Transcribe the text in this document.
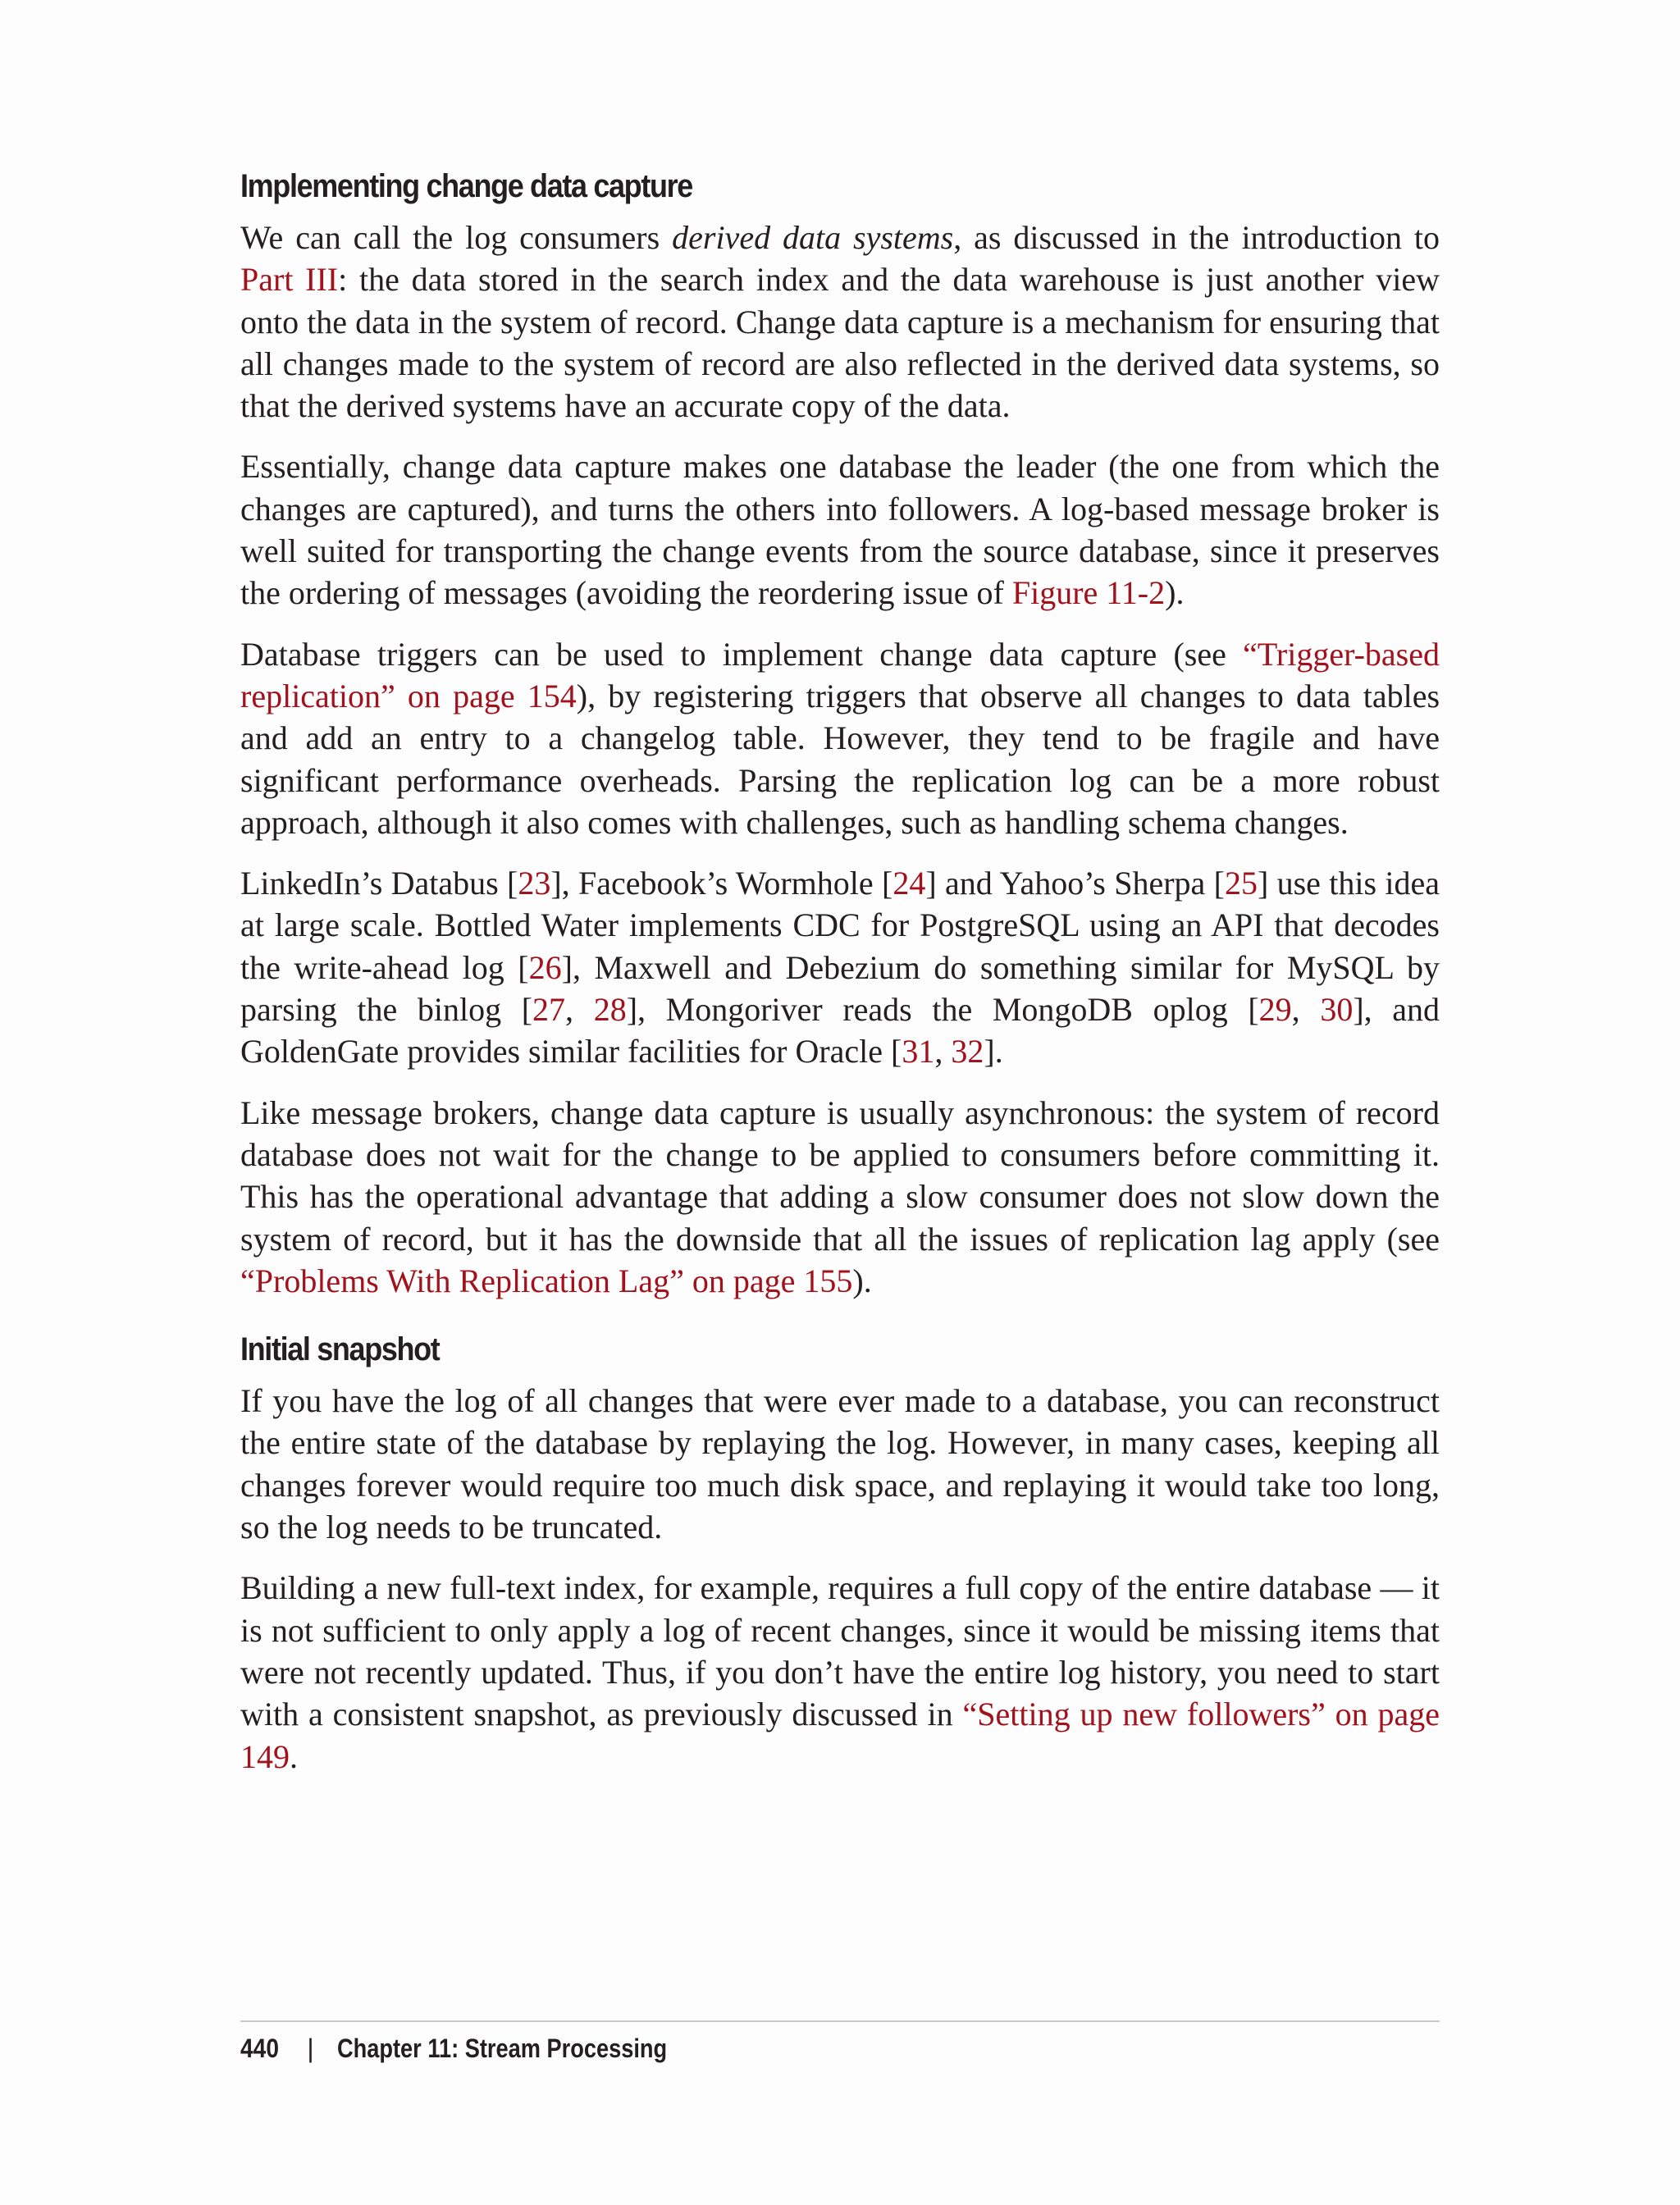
Implementing change data capture

We can call the log consumers derived data systems, as discussed in the introduction to Part III: the data stored in the search index and the data warehouse is just another view onto the data in the system of record. Change data capture is a mechanism for ensuring that all changes made to the system of record are also reflected in the derived data systems, so that the derived systems have an accurate copy of the data.

Essentially, change data capture makes one database the leader (the one from which the changes are captured), and turns the others into followers. A log-based message broker is well suited for transporting the change events from the source database, since it preserves the ordering of messages (avoiding the reordering issue of Figure 11-2).

Database triggers can be used to implement change data capture (see “Trigger-based replication” on page 154), by registering triggers that observe all changes to data tables and add an entry to a changelog table. However, they tend to be fragile and have significant performance overheads. Parsing the replication log can be a more robust approach, although it also comes with challenges, such as handling schema changes.

LinkedIn’s Databus [23], Facebook’s Wormhole [24] and Yahoo’s Sherpa [25] use this idea at large scale. Bottled Water implements CDC for PostgreSQL using an API that decodes the write-ahead log [26], Maxwell and Debezium do something similar for MySQL by parsing the binlog [27, 28], Mongoriver reads the MongoDB oplog [29, 30], and GoldenGate provides similar facilities for Oracle [31, 32].

Like message brokers, change data capture is usually asynchronous: the system of record database does not wait for the change to be applied to consumers before committing it. This has the operational advantage that adding a slow consumer does not slow down the system of record, but it has the downside that all the issues of replication lag apply (see “Problems With Replication Lag” on page 155).

Initial snapshot

If you have the log of all changes that were ever made to a database, you can reconstruct the entire state of the database by replaying the log. However, in many cases, keeping all changes forever would require too much disk space, and replaying it would take too long, so the log needs to be truncated.

Building a new full-text index, for example, requires a full copy of the entire database — it is not sufficient to only apply a log of recent changes, since it would be missing items that were not recently updated. Thus, if you don’t have the entire log history, you need to start with a consistent snapshot, as previously discussed in “Setting up new followers” on page 149.

440 | Chapter 11: Stream Processing
